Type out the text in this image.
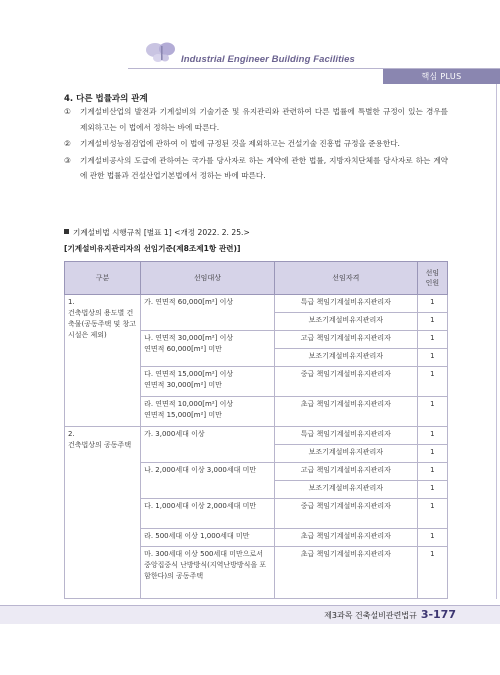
Industrial Engineer Building Facilities
핵심 PLUS
4. 다른 법률과의 관계
①	기계설비산업의 발전과 기계설비의 기술기준 및 유지관리와 관련하여 다른 법률에 특별한 규정이 있는 경우를 제외하고는 이 법에서 정하는 바에 따른다.
②	기계설비성능점검업에 관하여 이 법에 규정된 것을 제외하고는 건설기술 진흥법 규정을 준용한다.
③	기계설비공사의 도급에 관하여는 국가를 당사자로 하는 계약에 관한 법률, 지방자치단체를 당사자로 하는 계약에 관한 법률과 건설산업기본법에서 정하는 바에 따른다.
기계설비법 시행규칙 [별표 1] <개정 2022. 2. 25.>
[기계설비유지관리자의 선임기준(제8조제1항 관련)]
구분	선임대상	선임자격	선임
인원
1.
건축법상의 용도별 건축물(공동주택 및 창고시설은 제외)	가. 연면적 60,000[m²] 이상	특급 책임기계설비유지관리자	1
		보조기계설비유지관리자	1
	나. 연면적 30,000[m²] 이상
연면적 60,000[m²] 미만	고급 책임기계설비유지관리자	1
		보조기계설비유지관리자	1
	다. 연면적 15,000[m²] 이상
연면적 30,000[m²] 미만	중급 책임기계설비유지관리자	1
	라. 연면적 10,000[m²] 이상
연면적 15,000[m²] 미만	초급 책임기계설비유지관리자	1
2.
건축법상의 공동주택	가. 3,000세대 이상	특급 책임기계설비유지관리자	1
		보조기계설비유지관리자	1
	나. 2,000세대 이상 3,000세대 미만	고급 책임기계설비유지관리자	1
		보조기계설비유지관리자	1
	다. 1,000세대 이상 2,000세대 미만	중급 책임기계설비유지관리자	1
	라. 500세대 이상 1,000세대 미만	초급 책임기계설비유지관리자	1
	마. 300세대 이상 500세대 미만으로서 중앙집중식 난방방식(지역난방방식을 포함한다)의 공동주택	초급 책임기계설비유지관리자	1
제3과목 건축설비관련법규 3-177
